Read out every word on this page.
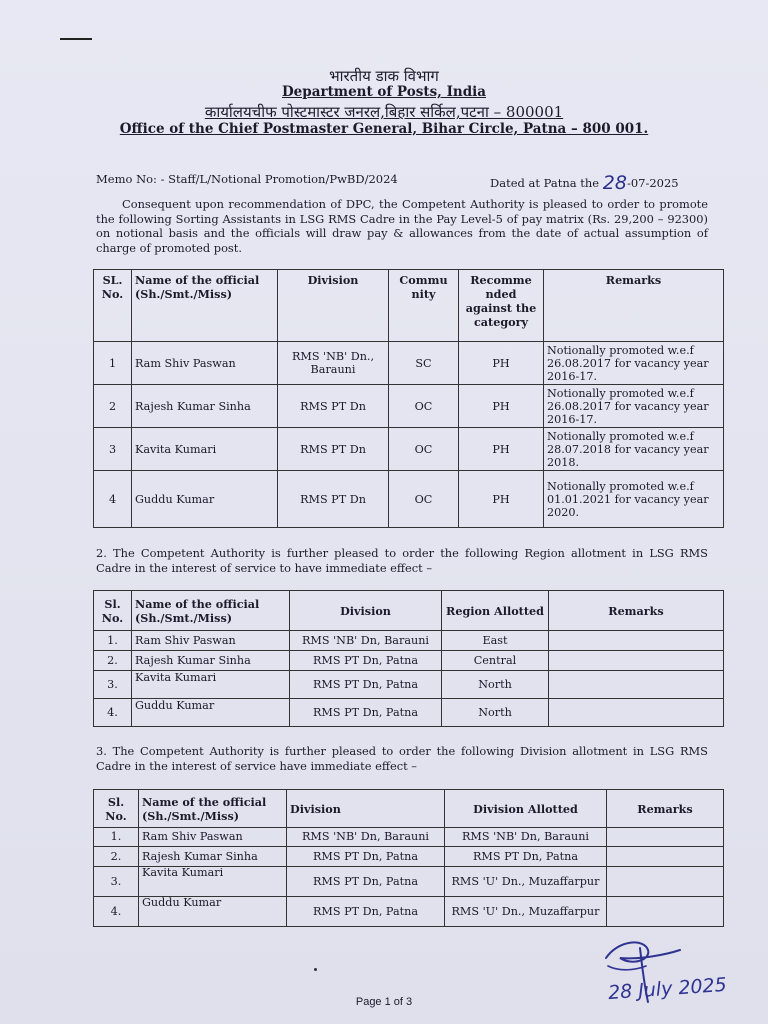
भारतीय डाक विभाग
Department of Posts, India
कार्यालयचीफ पोस्टमास्टर जनरल,बिहार सर्किल,पटना – 800001
Office of the Chief Postmaster General, Bihar Circle, Patna – 800 001.
Memo No: - Staff/L/Notional Promotion/PwBD/2024	Dated at Patna the 28-07-2025
Consequent upon recommendation of DPC, the Competent Authority is pleased to order to promote the following Sorting Assistants in LSG RMS Cadre in the Pay Level-5 of pay matrix (Rs. 29,200 – 92300) on notional basis and the officials will draw pay & allowances from the date of actual assumption of charge of promoted post.
SL. No.	Name of the official (Sh./Smt./Miss)	Division	Commu nity	Recomme nded against the category	Remarks
1	Ram Shiv Paswan	RMS 'NB' Dn., Barauni	SC	PH	Notionally promoted w.e.f 26.08.2017 for vacancy year 2016-17.
2	Rajesh Kumar Sinha	RMS PT Dn	OC	PH	Notionally promoted w.e.f 26.08.2017 for vacancy year 2016-17.
3	Kavita Kumari	RMS PT Dn	OC	PH	Notionally promoted w.e.f 28.07.2018 for vacancy year 2018.
4	Guddu Kumar	RMS PT Dn	OC	PH	Notionally promoted w.e.f 01.01.2021 for vacancy year 2020.
2. The Competent Authority is further pleased to order the following Region allotment in LSG RMS Cadre in the interest of service to have immediate effect –
Sl. No.	Name of the official (Sh./Smt./Miss)	Division	Region Allotted	Remarks
1.	Ram Shiv Paswan	RMS 'NB' Dn, Barauni	East	
2.	Rajesh Kumar Sinha	RMS PT Dn, Patna	Central	
3.	Kavita Kumari	RMS PT Dn, Patna	North	
4.	Guddu Kumar	RMS PT Dn, Patna	North	
3. The Competent Authority is further pleased to order the following Division allotment in LSG RMS Cadre in the interest of service have immediate effect –
Sl. No.	Name of the official (Sh./Smt./Miss)	Division	Division Allotted	Remarks
1.	Ram Shiv Paswan	RMS 'NB' Dn, Barauni	RMS 'NB' Dn, Barauni	
2.	Rajesh Kumar Sinha	RMS PT Dn, Patna	RMS PT Dn, Patna	
3.	Kavita Kumari	RMS PT Dn, Patna	RMS 'U' Dn., Muzaffarpur	
4.	Guddu Kumar	RMS PT Dn, Patna	RMS 'U' Dn., Muzaffarpur	
28 July 2025
Page 1 of 3
